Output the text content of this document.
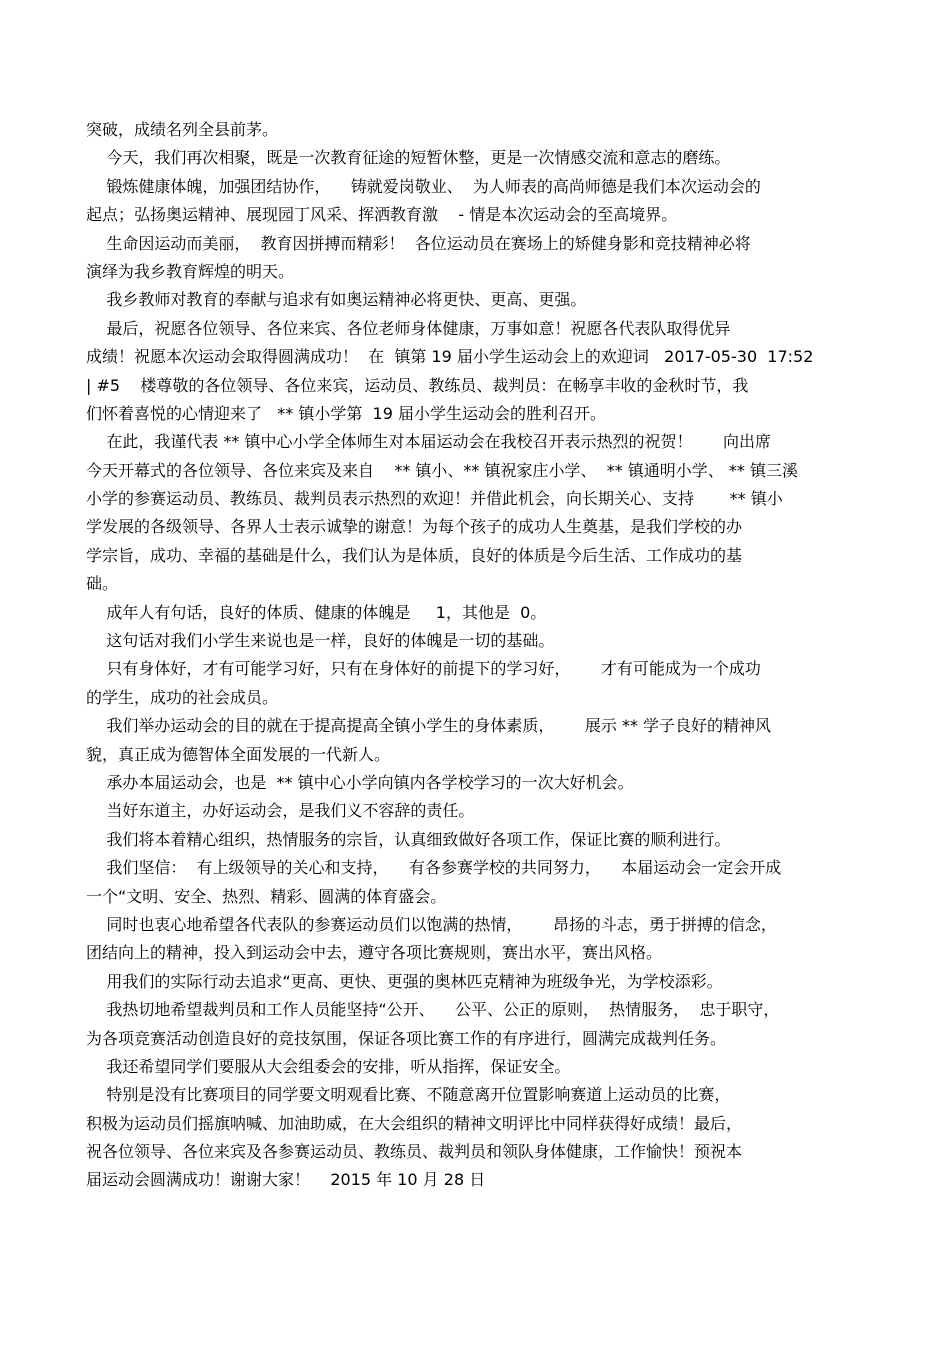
突破，成绩名列全县前茅。
今天，我们再次相聚，既是一次教育征途的短暂休整，更是一次情感交流和意志的磨练。
锻炼健康体魄，加强团结协作，    铸就爱岗敬业、  为人师表的高尚师德是我们本次运动会的
起点；弘扬奥运精神、展现园丁风采、挥洒教育激    - 情是本次运动会的至高境界。
生命因运动而美丽，  教育因拼搏而精彩！  各位运动员在赛场上的矫健身影和竞技精神必将
演绎为我乡教育辉煌的明天。
我乡教师对教育的奉献与追求有如奥运精神必将更快、更高、更强。
最后，祝愿各位领导、各位来宾、各位老师身体健康，万事如意！祝愿各代表队取得优异
成绩！祝愿本次运动会取得圆满成功！  在  镇第 19 届小学生运动会上的欢迎词   2017-05-30  17:52
| #5    楼尊敬的各位领导、各位来宾，运动员、教练员、裁判员：在畅享丰收的金秋时节，我
们怀着喜悦的心情迎来了   ** 镇小学第  19 届小学生运动会的胜利召开。
在此，我谨代表 ** 镇中心小学全体师生对本届运动会在我校召开表示热烈的祝贺！      向出席
今天开幕式的各位领导、各位来宾及来自    ** 镇小、** 镇祝家庄小学、  ** 镇通明小学、 ** 镇三溪
小学的参赛运动员、教练员、裁判员表示热烈的欢迎！并借此机会，向长期关心、支持       ** 镇小
学发展的各级领导、各界人士表示诚挚的谢意！为每个孩子的成功人生奠基，是我们学校的办
学宗旨，成功、幸福的基础是什么，我们认为是体质，良好的体质是今后生活、工作成功的基
础。
成年人有句话，良好的体质、健康的体魄是     1，其他是  0。
这句话对我们小学生来说也是一样，良好的体魄是一切的基础。
只有身体好，才有可能学习好，只有在身体好的前提下的学习好，      才有可能成为一个成功
的学生，成功的社会成员。
我们举办运动会的目的就在于提高提高全镇小学生的身体素质，      展示 ** 学子良好的精神风
貌，真正成为德智体全面发展的一代新人。
承办本届运动会，也是  ** 镇中心小学向镇内各学校学习的一次大好机会。
当好东道主，办好运动会，是我们义不容辞的责任。
我们将本着精心组织，热情服务的宗旨，认真细致做好各项工作，保证比赛的顺利进行。
我们坚信：  有上级领导的关心和支持，    有各参赛学校的共同努力，    本届运动会一定会开成
一个“文明、安全、热烈、精彩、圆满的体育盛会。
同时也衷心地希望各代表队的参赛运动员们以饱满的热情，      昂扬的斗志，勇于拼搏的信念，
团结向上的精神，投入到运动会中去，遵守各项比赛规则，赛出水平，赛出风格。
用我们的实际行动去追求“更高、更快、更强的奥林匹克精神为班级争光，为学校添彩。
我热切地希望裁判员和工作人员能坚持“公开、    公平、公正的原则，  热情服务，  忠于职守，
为各项竞赛活动创造良好的竞技氛围，保证各项比赛工作的有序进行，圆满完成裁判任务。
我还希望同学们要服从大会组委会的安排，听从指挥，保证安全。
特别是没有比赛项目的同学要文明观看比赛、不随意离开位置影响赛道上运动员的比赛，
积极为运动员们摇旗呐喊、加油助威，在大会组织的精神文明评比中同样获得好成绩！最后，
祝各位领导、各位来宾及各参赛运动员、教练员、裁判员和领队身体健康，工作愉快！预祝本
届运动会圆满成功！谢谢大家！    2015 年 10 月 28 日
